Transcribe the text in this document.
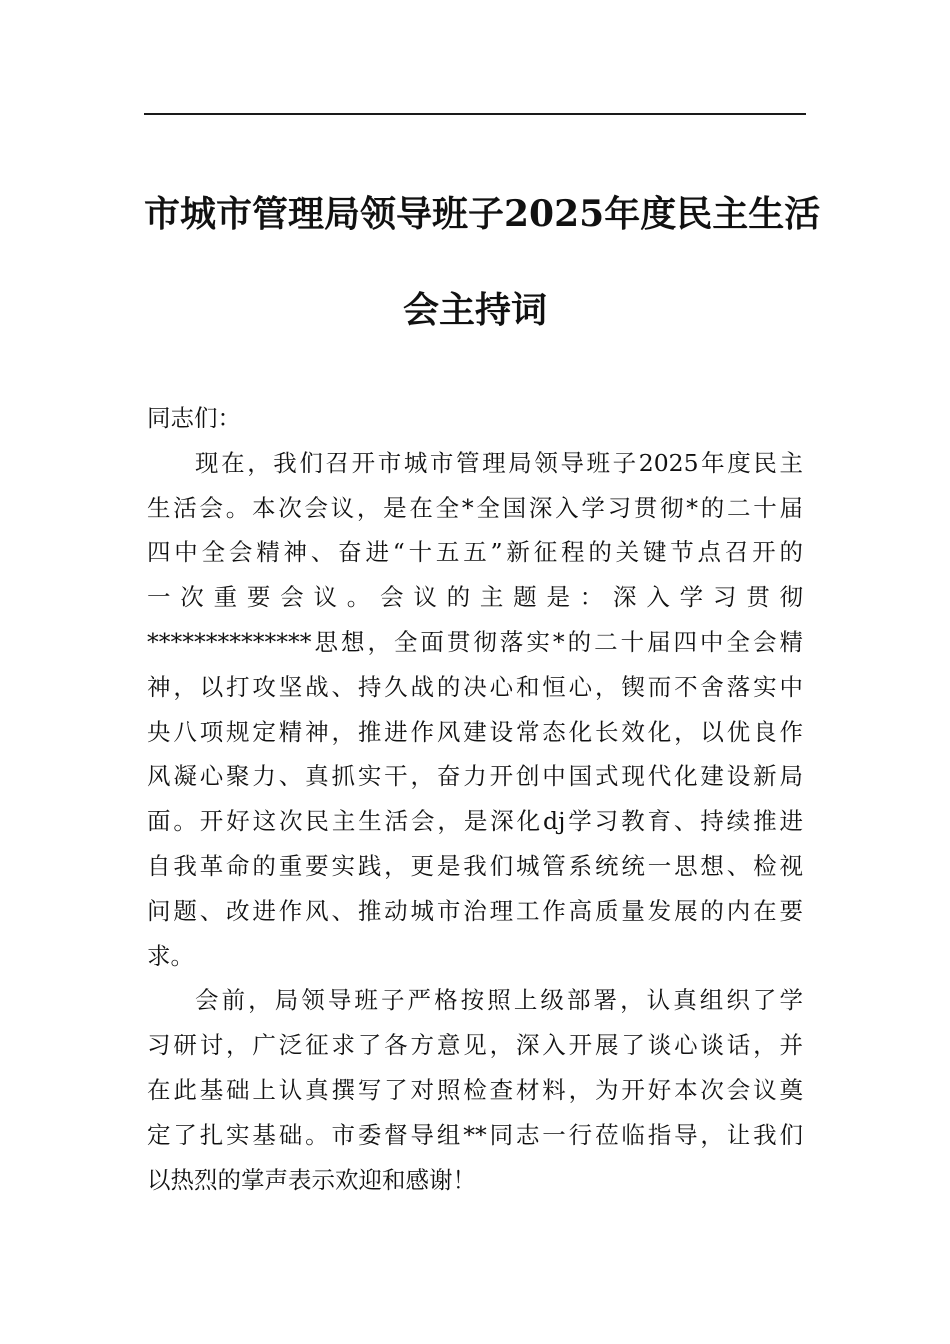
市城市管理局领导班子2025年度民主生活
会主持词

同志们：

现在，我们召开市城市管理局领导班子2025年度民主
生活会。本次会议，是在全*全国深入学习贯彻*的二十届
四中全会精神、奋进“十五五”新征程的关键节点召开的
一次重要会议。会议的主题是：深入学习贯彻
**************思想，全面贯彻落实*的二十届四中全会精
神，以打攻坚战、持久战的决心和恒心，锲而不舍落实中
央八项规定精神，推进作风建设常态化长效化，以优良作
风凝心聚力、真抓实干，奋力开创中国式现代化建设新局
面。开好这次民主生活会，是深化dj学习教育、持续推进
自我革命的重要实践，更是我们城管系统统一思想、检视
问题、改进作风、推动城市治理工作高质量发展的内在要
求。

会前，局领导班子严格按照上级部署，认真组织了学
习研讨，广泛征求了各方意见，深入开展了谈心谈话，并
在此基础上认真撰写了对照检查材料，为开好本次会议奠
定了扎实基础。市委督导组**同志一行莅临指导，让我们
以热烈的掌声表示欢迎和感谢！
